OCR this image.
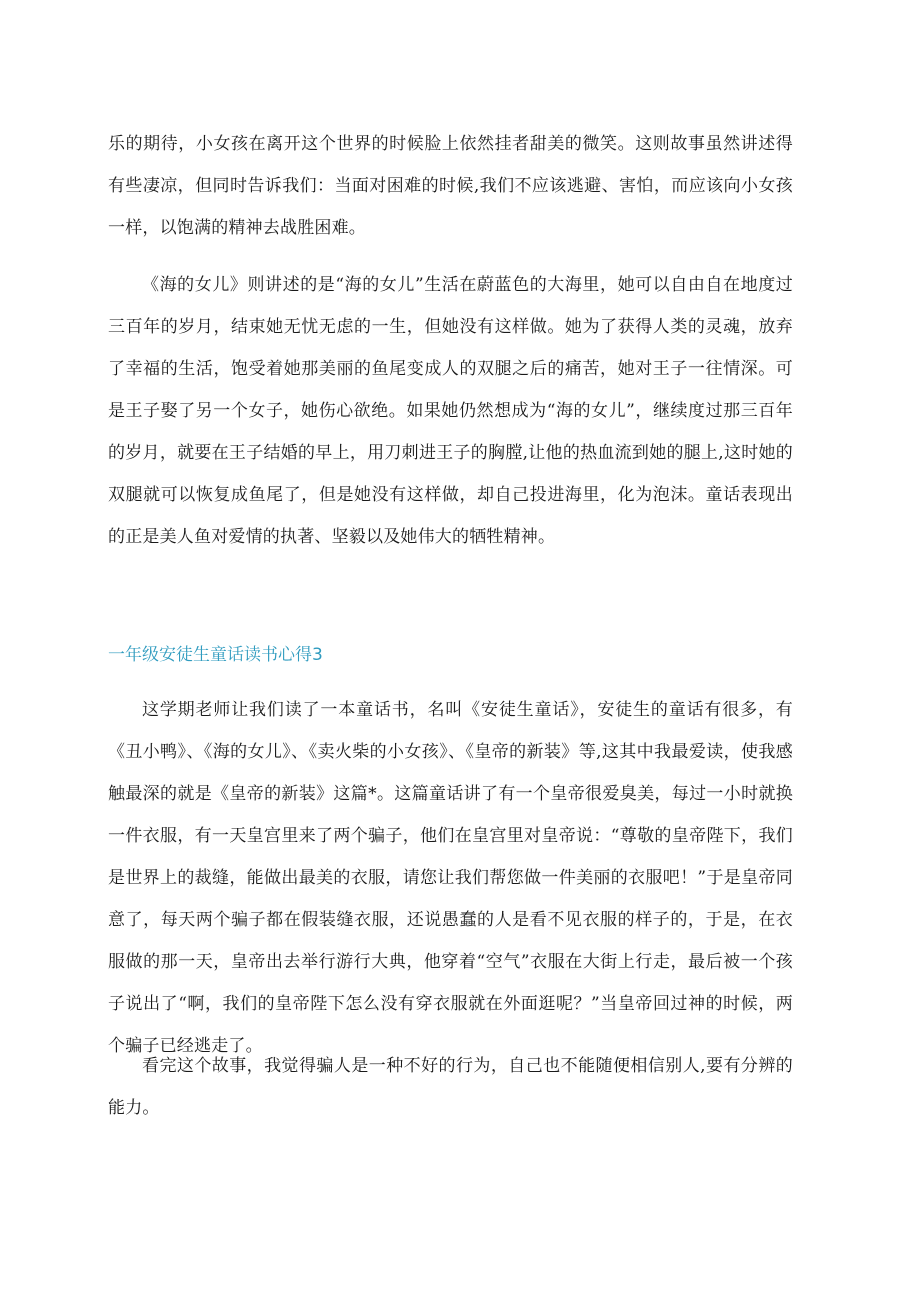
乐的期待，小女孩在离开这个世界的时候脸上依然挂者甜美的微笑。这则故事虽然讲述得有些凄凉，但同时告诉我们：当面对困难的时候,我们不应该逃避、害怕，而应该向小女孩一样，以饱满的精神去战胜困难。

《海的女儿》则讲述的是“海的女儿”生活在蔚蓝色的大海里，她可以自由自在地度过三百年的岁月，结束她无忧无虑的一生，但她没有这样做。她为了获得人类的灵魂，放弃了幸福的生活，饱受着她那美丽的鱼尾变成人的双腿之后的痛苦，她对王子一往情深。可是王子娶了另一个女子，她伤心欲绝。如果她仍然想成为“海的女儿”，继续度过那三百年的岁月，就要在王子结婚的早上，用刀刺进王子的胸膛,让他的热血流到她的腿上,这时她的双腿就可以恢复成鱼尾了，但是她没有这样做，却自己投进海里，化为泡沫。童话表现出的正是美人鱼对爱情的执著、坚毅以及她伟大的牺牲精神。

一年级安徒生童话读书心得3

这学期老师让我们读了一本童话书，名叫《安徒生童话》，安徒生的童话有很多，有《丑小鸭》、《海的女儿》、《卖火柴的小女孩》、《皇帝的新装》等,这其中我最爱读，使我感触最深的就是《皇帝的新装》这篇*。这篇童话讲了有一个皇帝很爱臭美，每过一小时就换一件衣服，有一天皇宫里来了两个骗子，他们在皇宫里对皇帝说：“尊敬的皇帝陛下，我们是世界上的裁缝，能做出最美的衣服，请您让我们帮您做一件美丽的衣服吧！”于是皇帝同意了，每天两个骗子都在假装缝衣服，还说愚蠢的人是看不见衣服的样子的，于是，在衣服做的那一天，皇帝出去举行游行大典，他穿着“空气”衣服在大街上行走，最后被一个孩子说出了“啊，我们的皇帝陛下怎么没有穿衣服就在外面逛呢？”当皇帝回过神的时候，两个骗子已经逃走了。

看完这个故事，我觉得骗人是一种不好的行为，自己也不能随便相信别人,要有分辨的能力。
